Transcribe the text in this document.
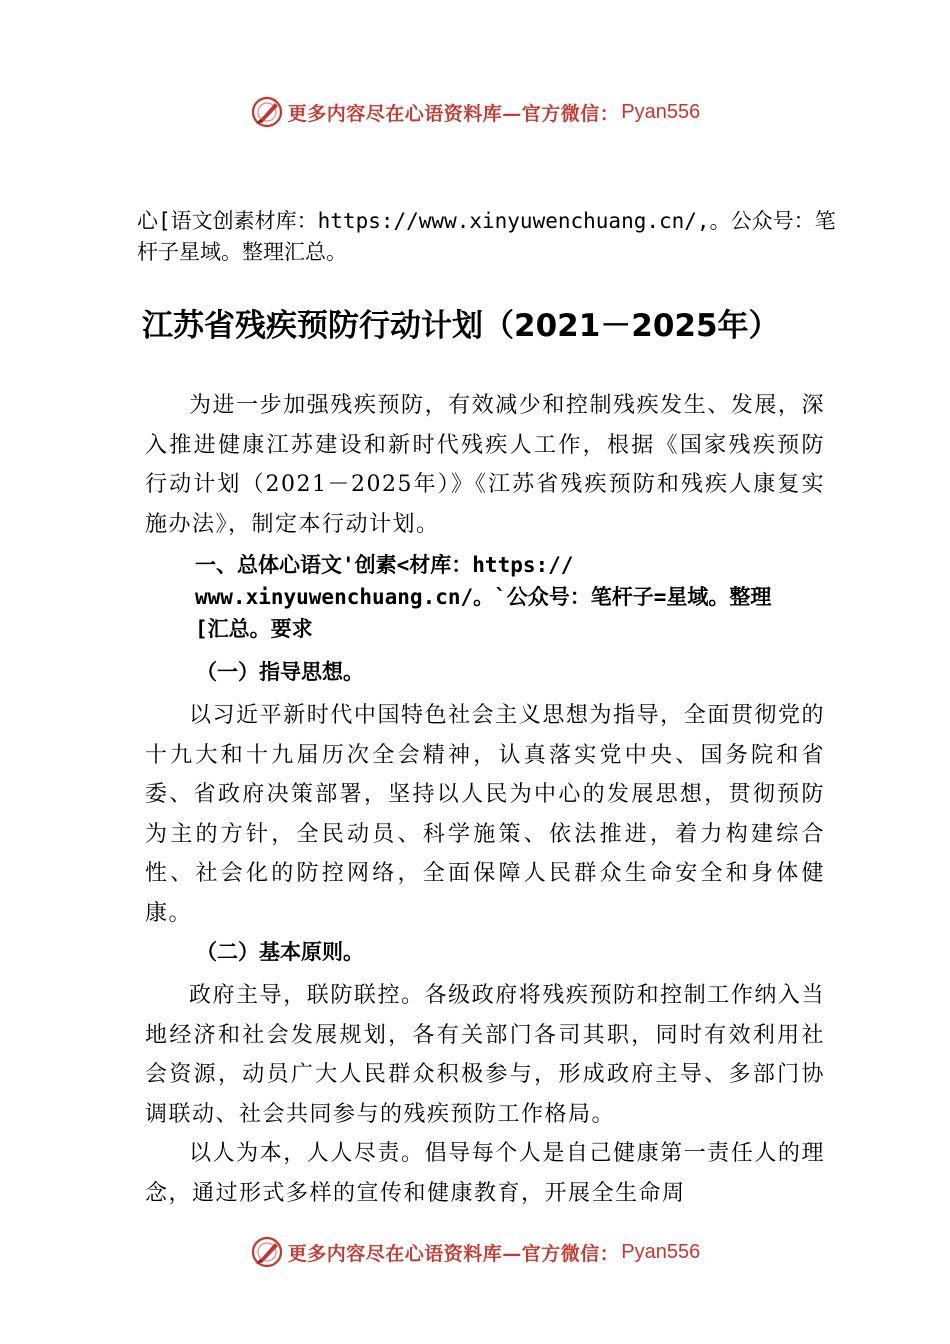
更多内容尽在心语资料库—官方微信： Pyan556

心[语文创素材库：https://www.xinyuwenchuang.cn/,。公众号：笔杆子星域。整理汇总。

江苏省残疾预防行动计划（2021－2025年）

为进一步加强残疾预防，有效减少和控制残疾发生、发展，深入推进健康江苏建设和新时代残疾人工作，根据《国家残疾预防行动计划（2021－2025年）》《江苏省残疾预防和残疾人康复实施办法》，制定本行动计划。

一、总体心语文'创素<材库：https://
www.xinyuwenchuang.cn/。`公众号：笔杆子=星域。整理
[汇总。要求

（一）指导思想。

以习近平新时代中国特色社会主义思想为指导，全面贯彻党的十九大和十九届历次全会精神，认真落实党中央、国务院和省委、省政府决策部署，坚持以人民为中心的发展思想，贯彻预防为主的方针，全民动员、科学施策、依法推进，着力构建综合性、社会化的防控网络，全面保障人民群众生命安全和身体健康。

（二）基本原则。

政府主导，联防联控。各级政府将残疾预防和控制工作纳入当地经济和社会发展规划，各有关部门各司其职，同时有效利用社会资源，动员广大人民群众积极参与，形成政府主导、多部门协调联动、社会共同参与的残疾预防工作格局。

以人为本，人人尽责。倡导每个人是自己健康第一责任人的理念，通过形式多样的宣传和健康教育，开展全生命周

更多内容尽在心语资料库—官方微信： Pyan556
